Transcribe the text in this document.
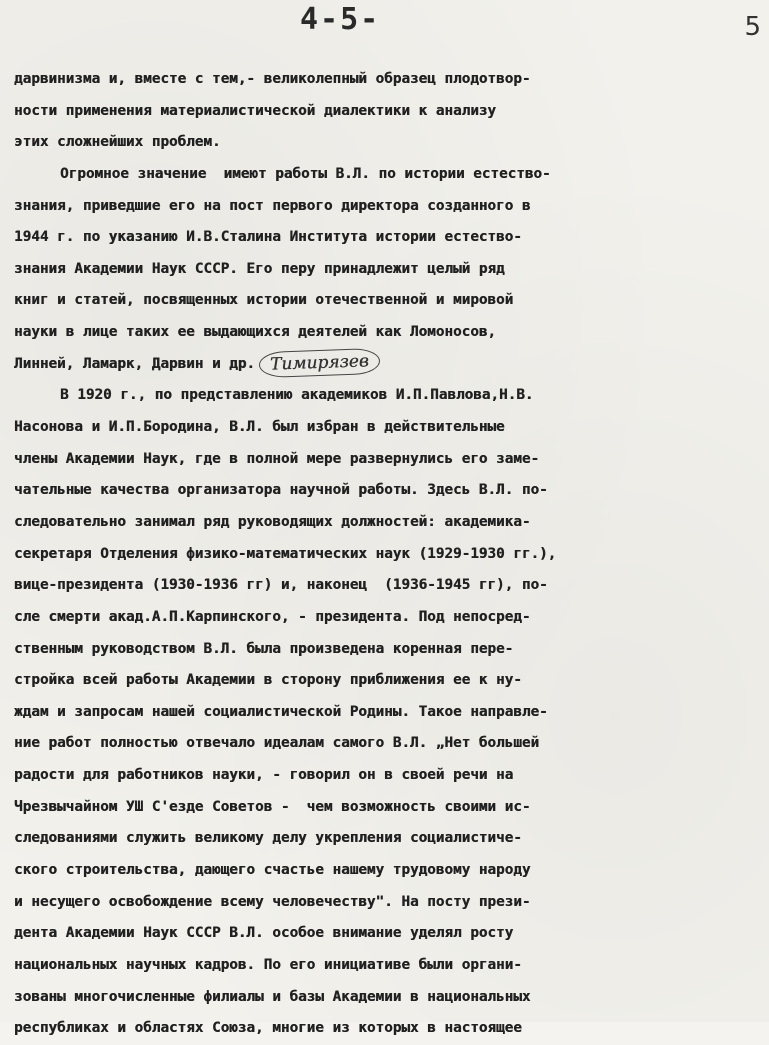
4-5-	5
дарвинизма и, вместе с тем,- великолепный образец плодотвор-
ности применения материалистической диалектики к анализу
этих сложнейших проблем.
Огромное значение  имеют работы В.Л. по истории естество-
знания, приведшие его на пост первого директора созданного в
1944 г. по указанию И.В.Сталина Института истории естество-
знания Академии Наук СССР. Его перу принадлежит целый ряд
книг и статей, посвященных истории отечественной и мировой
науки в лице таких ее выдающихся деятелей как Ломоносов,
Линней, Ламарк, Дарвин и др. Тимирязев
В 1920 г., по представлению академиков И.П.Павлова,Н.В.
Насонова и И.П.Бородина, В.Л. был избран в действительные
члены Академии Наук, где в полной мере развернулись его заме-
чательные качества организатора научной работы. Здесь В.Л. по-
следовательно занимал ряд руководящих должностей: академика-
секретаря Отделения физико-математических наук (1929-1930 гг.),
вице-президента (1930-1936 гг) и, наконец  (1936-1945 гг), по-
сле смерти акад.А.П.Карпинского, - президента. Под непосред-
ственным руководством В.Л. была произведена коренная пере-
стройка всей работы Академии в сторону приближения ее к ну-
ждам и запросам нашей социалистической Родины. Такое направле-
ние работ полностью отвечало идеалам самого В.Л. „Нет большей
радости для работников науки, - говорил он в своей речи на
Чрезвычайном УШ С'езде Советов -  чем возможность своими ис-
следованиями служить великому делу укрепления социалистиче-
ского строительства, дающего счастье нашему трудовому народу
и несущего освобождение всему человечеству". На посту прези-
дента Академии Наук СССР В.Л. особое внимание уделял росту
национальных научных кадров. По его инициативе были органи-
зованы многочисленные филиалы и базы Академии в национальных
республиках и областях Союза, многие из которых в настоящее
